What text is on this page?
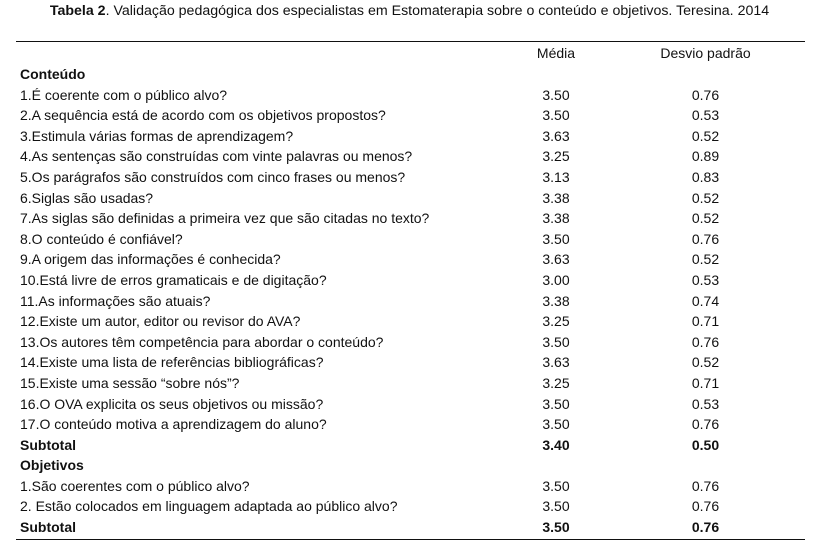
Tabela 2. Validação pedagógica dos especialistas em Estomaterapia sobre o conteúdo e objetivos. Teresina. 2014
	Média	Desvio padrão
Conteúdo		
1.É coerente com o público alvo?	3.50	0.76
2.A sequência está de acordo com os objetivos propostos?	3.50	0.53
3.Estimula várias formas de aprendizagem?	3.63	0.52
4.As sentenças são construídas com vinte palavras ou menos?	3.25	0.89
5.Os parágrafos são construídos com cinco frases ou menos?	3.13	0.83
6.Siglas são usadas?	3.38	0.52
7.As siglas são definidas a primeira vez que são citadas no texto?	3.38	0.52
8.O conteúdo é confiável?	3.50	0.76
9.A origem das informações é conhecida?	3.63	0.52
10.Está livre de erros gramaticais e de digitação?	3.00	0.53
11.As informações são atuais?	3.38	0.74
12.Existe um autor, editor ou revisor do AVA?	3.25	0.71
13.Os autores têm competência para abordar o conteúdo?	3.50	0.76
14.Existe uma lista de referências bibliográficas?	3.63	0.52
15.Existe uma sessão “sobre nós”?	3.25	0.71
16.O OVA explicita os seus objetivos ou missão?	3.50	0.53
17.O conteúdo motiva a aprendizagem do aluno?	3.50	0.76
Subtotal	3.40	0.50
Objetivos		
1.São coerentes com o público alvo?	3.50	0.76
2. Estão colocados em linguagem adaptada ao público alvo?	3.50	0.76
Subtotal	3.50	0.76
